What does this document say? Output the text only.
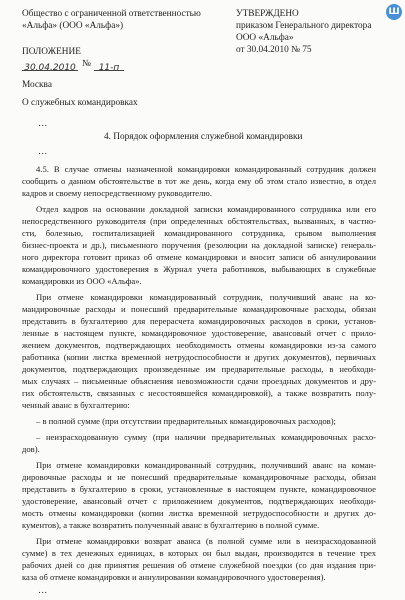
Ш
Общество с ограниченной ответственностью
«Альфа» (ООО «Альфа»)
УТВЕРЖДЕНО
приказом Генерального директора
ООО «Альфа»
от 30.04.2010 № 75
ПОЛОЖЕНИЕ
30.04.2010 № 11-п
Москва
О служебных командировках
…
4. Порядок оформления служебной командировки
…
4.5. В случае отмены назначенной командировки командированный сотрудник должен
сообщить о данном обстоятельстве в тот же день, когда ему об этом стало известно, в отдел
кадров и своему непосредственному руководителю.
Отдел кадров на основании докладной записки командированного сотрудника или его
непосредственного руководителя (при определенных обстоятельствах, вызванных, в частно-
сти, болезнью, госпитализацией командированного сотрудника, срывом выполнения
бизнес-проекта и др.), письменного поручения (резолюции на докладной записке) генераль-
ного директора готовит приказ об отмене командировки и вносит записи об аннулировании
командировочного удостоверения в Журнал учета работников, выбывающих в служебные
командировки из ООО «Альфа».
При отмене командировки командированный сотрудник, получивший аванс на ко-
мандировочные расходы и понесший предварительные командировочные расходы, обязан
представить в бухгалтерию для перерасчета командировочных расходов в сроки, установ-
ленные в настоящем пункте, командировочное удостоверение, авансовый отчет с прило-
жением документов, подтверждающих необходимость отмены командировки из-за самого
работника (копии листка временной нетрудоспособности и других документов), первичных
документов, подтверждающих произведенные им предварительные расходы, в необходи-
мых случаях – письменные объяснения невозможности сдачи проездных документов и дру-
гих обстоятельств, связанных с несостоявшейся командировкой), а также возвратить полу-
ченный аванс в бухгалтерию:
– в полной сумме (при отсутствии предварительных командировочных расходов);
– неизрасходованную сумму (при наличии предварительных командировочных расхо-
дов).
При отмене командировки командированный сотрудник, получивший аванс на коман-
дировочные расходы и не понесший предварительные командировочные расходы, обязан
представить в бухгалтерию в сроки, установленные в настоящем пункте, командировочное
удостоверение, авансовый отчет с приложением документов, подтверждающих необходи-
мость отмены командировки (копии листка временной нетрудоспособности и других до-
кументов), а также возвратить полученный аванс в бухгалтерию в полной сумме.
При отмене командировки возврат аванса (в полной сумме или в неизрасходованной
сумме) в тех денежных единицах, в которых он был выдан, производится в течение трех
рабочих дней со дня принятия решения об отмене служебной поездки (со дня издания при-
каза об отмене командировки и аннулировании командировочного удостоверения).
…
